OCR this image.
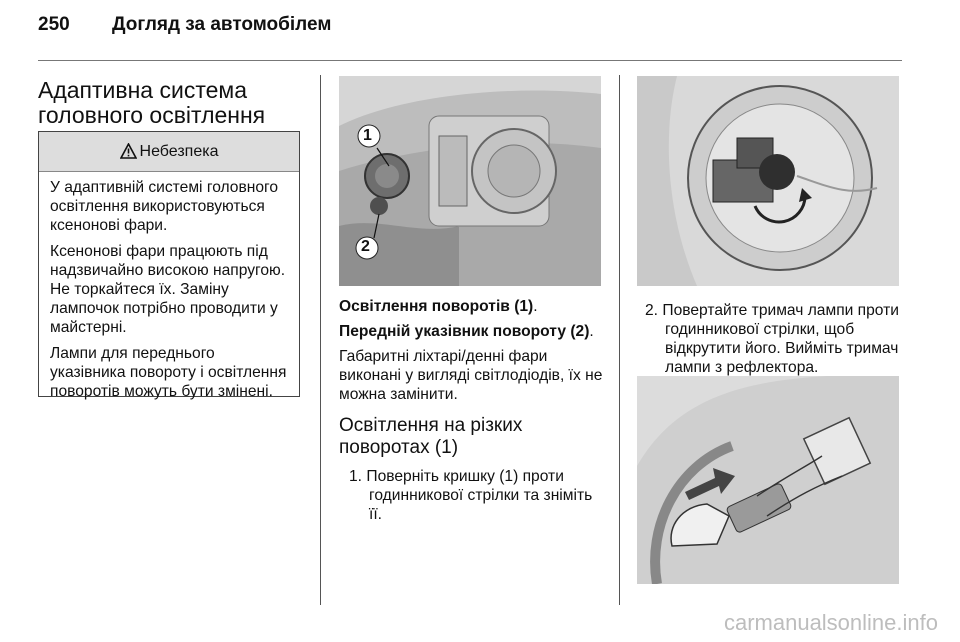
250 Догляд за автомобілем
Адаптивна система
головного освітлення
Небезпека

У адаптивній системі головного освітлення використовуються ксенонові фари.

Ксенонові фари працюють під надзвичайно високою напругою. Не торкайтеся їх. Заміну лампочок потрібно проводити у майстерні.

Лампи для переднього указівника повороту і освітлення поворотів можуть бути змінені.

1
2
Освітлення поворотів (1).
Передній указівник повороту (2).
Габаритні ліхтарі/денні фари виконані у вигляді світлодіодів, їх не можна замінити.
Освітлення на різких
поворотах (1)
1. Поверніть кришку (1) проти годинникової стрілки та зніміть її.
2. Повертайте тримач лампи проти годинникової стрілки, щоб відкрутити його. Вийміть тримач лампи з рефлектора.
carmanualsonline.info
